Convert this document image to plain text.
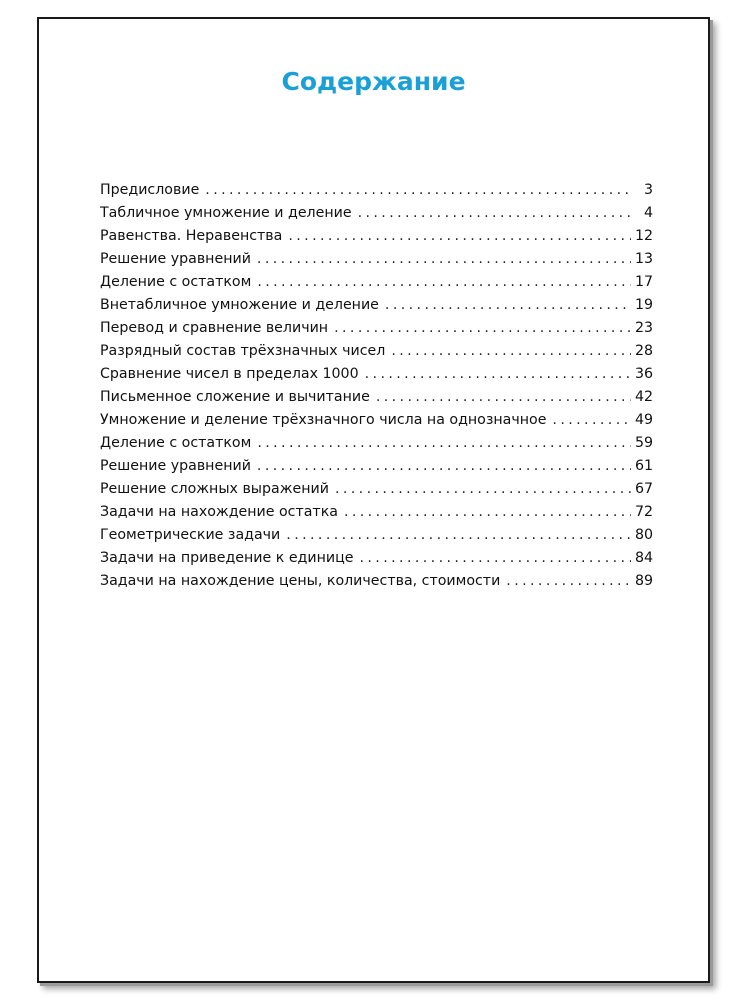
Содержание
Предисловие .....	3
Табличное умножение и деление .....	4
Равенства. Неравенства .....	12
Решение уравнений .....	13
Деление с остатком .....	17
Внетабличное умножение и деление .....	19
Перевод и сравнение величин .....	23
Разрядный состав трёхзначных чисел .....	28
Сравнение чисел в пределах 1000 .....	36
Письменное сложение и вычитание .....	42
Умножение и деление трёхзначного числа на однозначное .....	49
Деление с остатком .....	59
Решение уравнений .....	61
Решение сложных выражений .....	67
Задачи на нахождение остатка .....	72
Геометрические задачи .....	80
Задачи на приведение к единице .....	84
Задачи на нахождение цены, количества, стоимости .....	89
